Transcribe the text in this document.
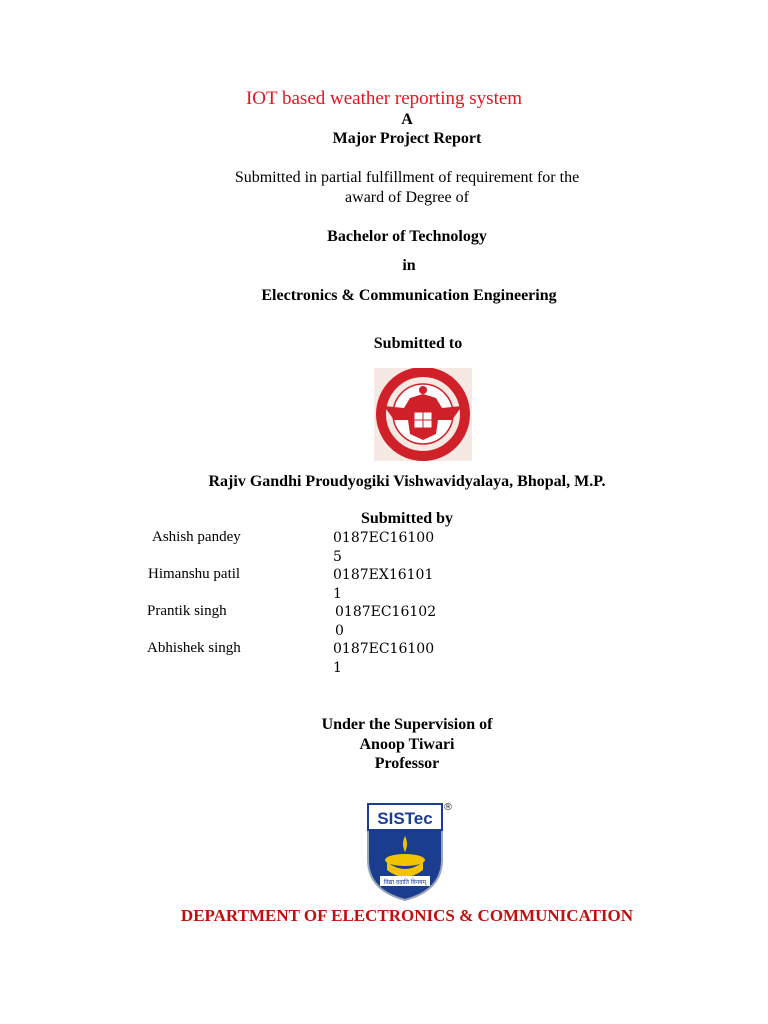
IOT based weather reporting system
A
Major Project Report
Submitted in partial fulfillment of requirement for the
award of Degree of
Bachelor of Technology
in
Electronics & Communication Engineering
Submitted to
Rajiv Gandhi Proudyogiki Vishwavidyalaya, Bhopal, M.P.
Submitted by
Ashish pandey	0187EC16100
5
Himanshu patil	0187EX16101
1
Prantik singh	0187EC16102
0
Abhishek singh	0187EC16100
1
Under the Supervision of
Anoop Tiwari
Professor
SISTec
विद्या ददाति विनयम्
®
DEPARTMENT OF ELECTRONICS & COMMUNICATION
